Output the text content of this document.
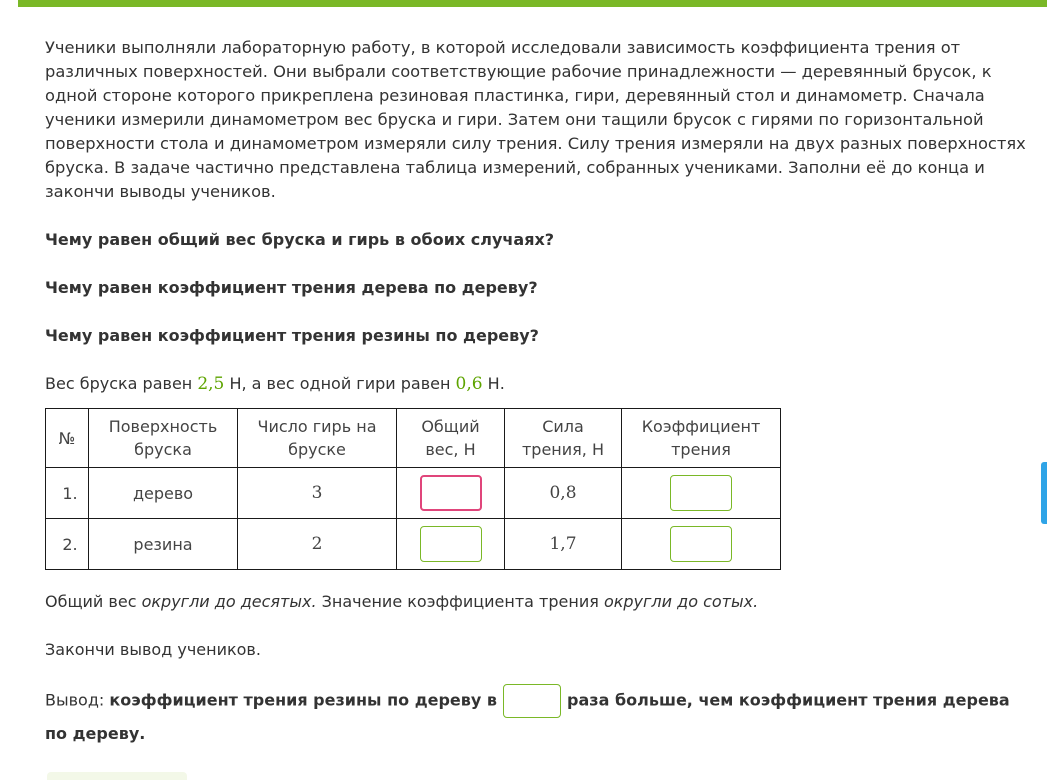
Ученики выполняли лабораторную работу, в которой исследовали зависимость коэффициента трения от различных поверхностей. Они выбрали соответствующие рабочие принадлежности — деревянный брусок, к одной стороне которого прикреплена резиновая пластинка, гири, деревянный стол и динамометр. Сначала ученики измерили динамометром вес бруска и гири. Затем они тащили брусок с гирями по горизонтальной поверхности стола и динамометром измеряли силу трения. Силу трения измеряли на двух разных поверхностях бруска. В задаче частично представлена таблица измерений, собранных учениками. Заполни её до конца и закончи выводы учеников.

Чему равен общий вес бруска и гирь в обоих случаях?

Чему равен коэффициент трения дерева по дереву?

Чему равен коэффициент трения резины по дереву?

Вес бруска равен 2,5 Н, а вес одной гири равен 0,6 Н.

№	Поверхность бруска	Число гирь на бруске	Общий вес, Н	Сила трения, Н	Коэффициент трения
1.	дерево	3		0,8	
2.	резина	2		1,7	

Общий вес округли до десятых. Значение коэффициента трения округли до сотых.

Закончи вывод учеников.

Вывод: коэффициент трения резины по дереву в	раза больше, чем коэффициент трения дерева по дереву.
